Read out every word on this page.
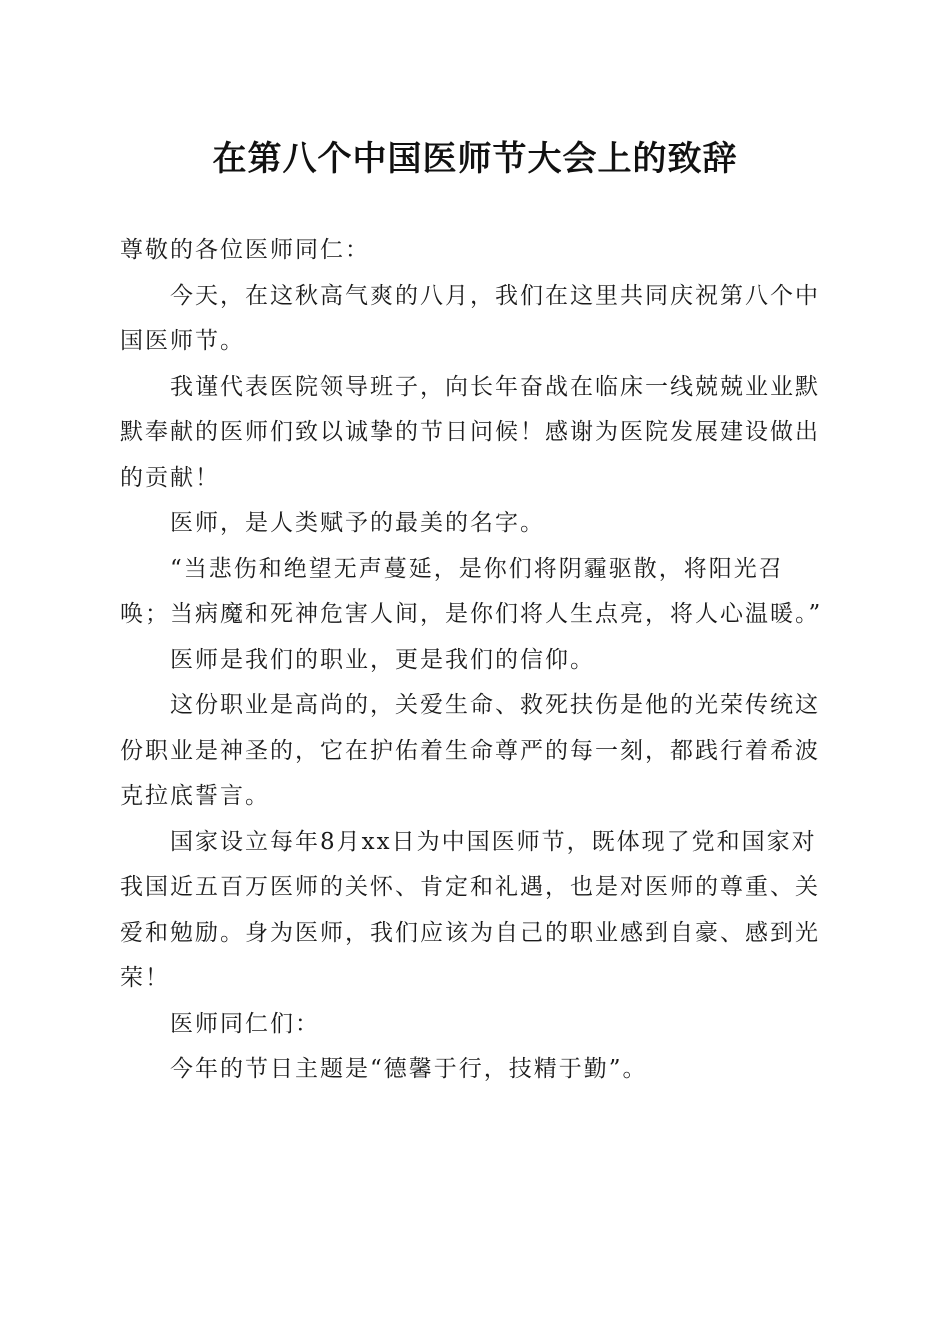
在第八个中国医师节大会上的致辞

尊敬的各位医师同仁：

今天，在这秋高气爽的八月，我们在这里共同庆祝第八个中国医师节。

我谨代表医院领导班子，向长年奋战在临床一线兢兢业业默默奉献的医师们致以诚挚的节日问候！感谢为医院发展建设做出的贡献！

医师，是人类赋予的最美的名字。

“当悲伤和绝望无声蔓延，是你们将阴霾驱散，将阳光召唤；当病魔和死神危害人间，是你们将人生点亮，将人心温暖。”

医师是我们的职业，更是我们的信仰。

这份职业是高尚的，关爱生命、救死扶伤是他的光荣传统这份职业是神圣的，它在护佑着生命尊严的每一刻，都践行着希波克拉底誓言。

国家设立每年8月xx日为中国医师节，既体现了党和国家对我国近五百万医师的关怀、肯定和礼遇，也是对医师的尊重、关爱和勉励。身为医师，我们应该为自己的职业感到自豪、感到光荣！

医师同仁们：

今年的节日主题是“德馨于行，技精于勤”。
